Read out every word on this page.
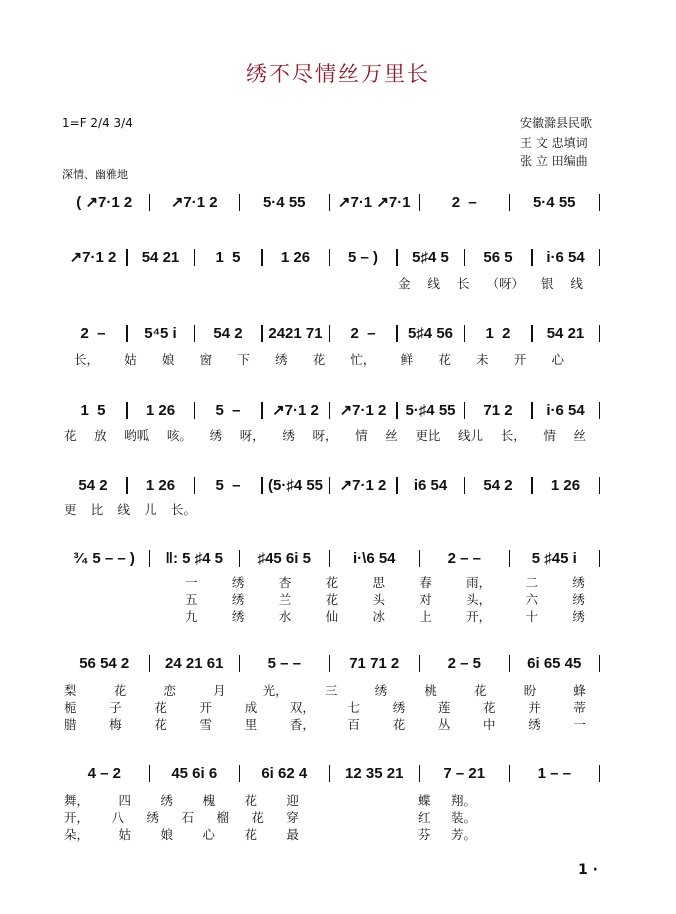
绣不尽情丝万里长
1=F 2/4 3/4	安徽滁县民歌
王 文 忠填词
张 立 田编曲
深情、幽雅地
( ↗7·1 2	↗7·1 2	5·4 55	↗7·1 ↗7·1	2  –	5·4 55
↗7·1 2	54 21	1  5	1 26	5 – )	5♯4 5	56 5	i·6 54
2  –	5⁴5 i	54 2	2421 71	2  –	5♯4 56	1  2	54 21
1  5	1 26	5  –	↗7·1 2	↗7·1 2	5·♯4 55	71 2	i·6 54
54 2	1 26	5  –	(5·♯4 55	↗7·1 2	i6 54	54 2	1 26
³⁄₄ 5 – – )	‖: 5 ♯4 5	♯45 6i 5	i·\6 54	2 – –	5 ♯45 i
56 54 2	24 21 61	5 – –	71 71 2	2 – 5	6i 65 45
4 – 2	45 6i 6	6i 62 4	12 35 21	7 – 21	1 – –
金 线 长 （呀） 银 线
长， 姑 娘 窗 下 绣 花 忙， 鲜 花 未 开 心
花 放 哟呱 咳。 绣 呀， 绣 呀， 情 丝 更比 线儿 长， 情 丝
更 比 线 儿 长。
一	绣	杏	花	思	春	雨，	二	绣
五	绣	兰	花	头	对	头，	六	绣
九	绣	水	仙	冰	上	开，	十	绣
梨	花	恋	月	光，	三	绣	桃	花	盼	蜂
栀	子	花	开	成	双，	七	绣	莲	花	并	蒂
腊	梅	花	雪	里	香，	百	花	丛	中	绣	一
舞， 四 绣 槐 花 迎	蝶 翔。
开， 八 绣 石 榴 花 穿	红 装。
朵， 姑 娘 心 花 最	芬 芳。
1 ·
